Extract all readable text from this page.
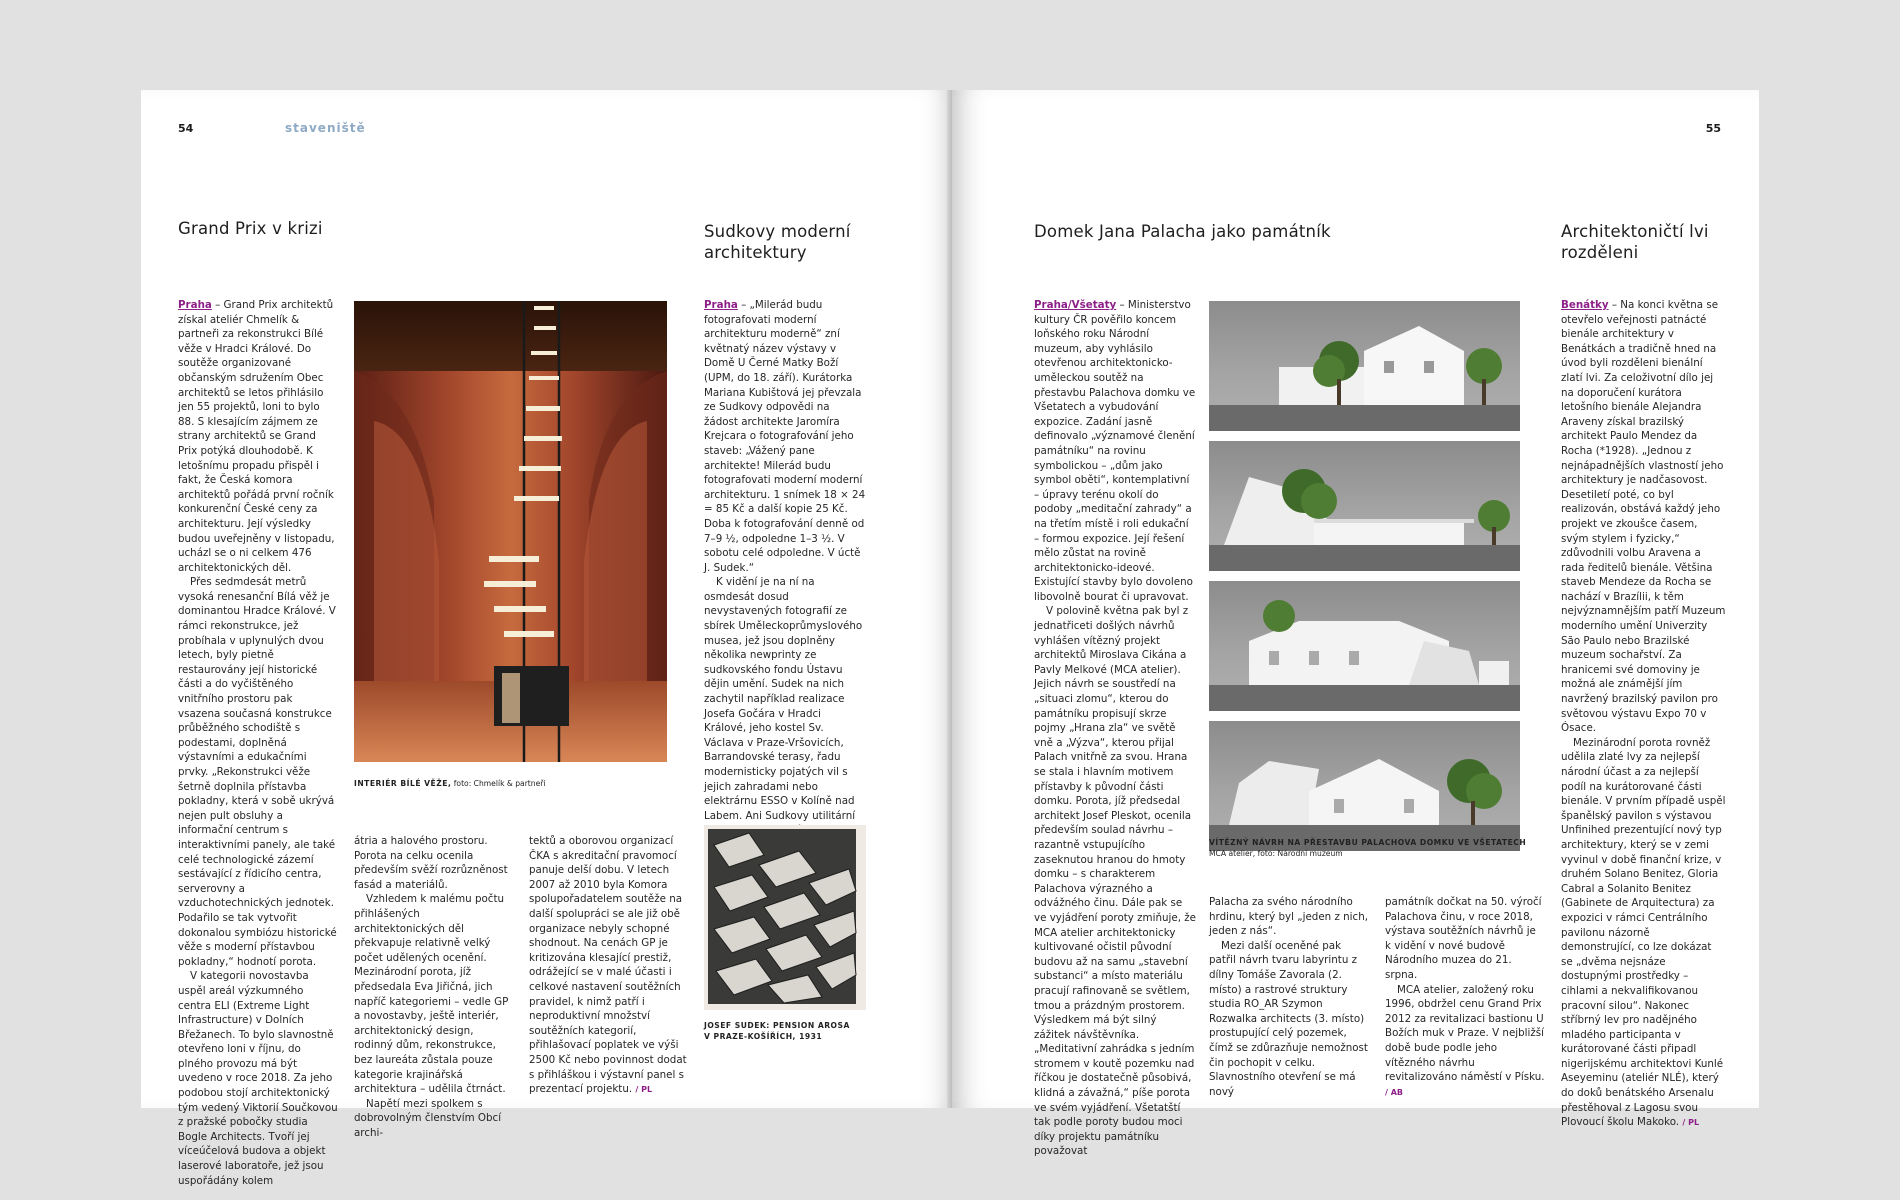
54	staveniště
Grand Prix v krizi

Praha – Grand Prix architektů získal ateliér Chmelík & partneři za rekonstrukci Bílé věže v Hradci Králové. Do soutěže organizované občanským sdružením Obec architektů se letos přihlásilo jen 55 projektů, loni to bylo 88. S klesajícím zájmem ze strany architektů se Grand Prix potýká dlouhodobě. K letošnímu propadu přispěl i fakt, že Česká komora architektů pořádá první ročník konkurenční České ceny za architekturu. Její výsledky budou uveřejněny v listopadu, ucházl se o ni celkem 476 architektonických děl.

Přes sedmdesát metrů vysoká renesanční Bílá věž je dominantou Hradce Králové. V rámci rekonstrukce, jež probíhala v uplynulých dvou letech, byly pietně restaurovány její historické části a do vyčištěného vnitřního prostoru pak vsazena současná konstrukce průběžného schodiště s podestami, doplněná výstavními a edukačními prvky. „Rekonstrukci věže šetrně doplnila přístavba pokladny, která v sobě ukrývá nejen pult obsluhy a informační centrum s interaktivními panely, ale také celé technologické zázemí sestávající z řídicího centra, serverovny a vzduchotechnických jednotek. Podařilo se tak vytvořit dokonalou symbiózu historické věže s moderní přístavbou pokladny,“ hodnotí porota.

V kategorii novostavba uspěl areál výzkumného centra ELI (Extreme Light Infrastructure) v Dolních Břežanech. To bylo slavnostně otevřeno loni v říjnu, do plného provozu má být uvedeno v roce 2018. Za jeho podobou stojí architektonický tým vedený Viktorií Součkovou z pražské pobočky studia Bogle Architects. Tvoří jej víceúčelová budova a objekt laserové laboratoře, jež jsou uspořádány kolem

INTERIÉR BÍLÉ VĚŽE, foto: Chmelík & partneři

átria a halového prostoru. Porota na celku ocenila především svěží rozrůzněnost fasád a materiálů.

Vzhledem k malému počtu přihlášených architektonických děl překvapuje relativně velký počet udělených ocenění. Mezinárodní porota, jíž předsedala Eva Jiřičná, jich napříč kategoriemi – vedle GP a novostavby, ještě interiér, architektonický design, rodinný dům, rekonstrukce, bez laureáta zůstala pouze kategorie krajinářská architektura – udělila čtrnáct.

Napětí mezi spolkem s dobrovolným členstvím Obcí archi-

tektů a oborovou organizací ČKA s akreditační pravomocí panuje delší dobu. V letech 2007 až 2010 byla Komora spolupořadatelem soutěže na další spolupráci se ale již obě organizace nebyly schopné shodnout. Na cenách GP je kritizována klesající prestiž, odrážející se v malé účasti i celkové nastavení soutěžních pravidel, k nimž patří i neproduktivní množství soutěžních kategorií, přihlašovací poplatek ve výši 2500 Kč nebo povinnost dodat s přihláškou i výstavní panel s prezentací projektu. / PL

Sudkovy moderní architektury

Praha – „Milerád budu fotografovati moderní architekturu moderně“ zní květnatý název výstavy v Domě U Černé Matky Boží (UPM, do 18. září). Kurátorka Mariana Kubištová jej převzala ze Sudkovy odpovědi na žádost architekte Jaromíra Krejcara o fotografování jeho staveb: „Vážený pane architekte! Milerád budu fotografovati moderní moderní architekturu. 1 snímek 18 × 24 = 85 Kč a další kopie 25 Kč. Doba k fotografování denně od 7–9 ½, odpoledne 1–3 ½. V sobotu celé odpoledne. V úctě J. Sudek.“

K vidění je na ní na osmdesát dosud nevystavených fotografií ze sbírek Uměleckoprůmyslového musea, jež jsou doplněny několika newprinty ze sudkovského fondu Ústavu dějin umění. Sudek na nich zachytil například realizace Josefa Gočára v Hradci Králové, jeho kostel Sv. Václava v Praze-Vršovicích, Barrandovské terasy, řadu modernisticky pojatých vil s jejich zahradami nebo elektrárnu ESSO v Kolíně nad Labem. Ani Sudkovy utilitární

JOSEF SUDEK: PENSION AROSA
V PRAZE-KOŠÍŘÍCH, 1931
55
Domek Jana Palacha jako památník

Praha/Všetaty – Ministerstvo kultury ČR pověřilo koncem loňského roku Národní muzeum, aby vyhlásilo otevřenou architektonicko-uměleckou soutěž na přestavbu Palachova domku ve Všetatech a vybudování expozice. Zadání jasně definovalo „významové členění památníku“ na rovinu symbolickou – „dům jako symbol oběti“, kontemplativní – úpravy terénu okolí do podoby „meditační zahrady“ a na třetím místě i roli edukační – formou expozice. Její řešení mělo zůstat na rovině architektonicko-ideové. Existující stavby bylo dovoleno libovolně bourat či upravovat.

V polovině května pak byl z jednatřiceti došlých návrhů vyhlášen vítězný projekt architektů Miroslava Cikána a Pavly Melkové (MCA atelier). Jejich návrh se soustředí na „situaci zlomu“, kterou do památníku propisují skrze pojmy „Hrana zla“ ve světě vně a „Výzva“, kterou přijal Palach vnitřně za svou. Hrana se stala i hlavním motivem přístavby k původní části domku. Porota, jíž předsedal architekt Josef Pleskot, ocenila především soulad návrhu – razantně vstupujícího zaseknutou hranou do hmoty domku – s charakterem Palachova výrazného a odvážného činu. Dále pak se ve vyjádření poroty zmiňuje, že MCA atelier architektonicky kultivované očistil původní budovu až na samu „stavební substanci“ a místo materiálu pracují rafinovaně se světlem, tmou a prázdným prostorem. Výsledkem má být silný zážitek návštěvníka. „Meditativní zahrádka s jedním stromem v koutě pozemku nad říčkou je dostatečně působivá, klidná a závažná,“ píše porota ve svém vyjádření. Všetatští tak podle poroty budou moci díky projektu památníku považovat

VÍTĚZNÝ NÁVRH NA PŘESTAVBU PALACHOVA DOMKU VE VŠETATECH
MCA atelier, foto: Národní muzeum

Palacha za svého národního hrdinu, který byl „jeden z nich, jeden z nás“.

Mezi další oceněné pak patřil návrh tvaru labyrintu z dílny Tomáše Zavorala (2. místo) a rastrové struktury studia RO_AR Szymon Rozwalka architects (3. místo) prostupující celý pozemek, čímž se zdůrazňuje nemožnost čin pochopit v celku. Slavnostního otevření se má nový

památník dočkat na 50. výročí Palachova činu, v roce 2018, výstava soutěžních návrhů je k vidění v nové budově Národního muzea do 21. srpna.

MCA atelier, založený roku 1996, obdržel cenu Grand Prix 2012 za revitalizaci bastionu U Božích muk v Praze. V nejbližší době bude podle jeho vítězného návrhu revitalizováno náměstí v Písku. / AB

Architektoničtí lvi rozděleni

Benátky – Na konci května se otevřelo veřejnosti patnácté bienále architektury v Benátkách a tradičně hned na úvod byli rozděleni bienální zlatí lvi. Za celoživotní dílo jej na doporučení kurátora letošního bienále Alejandra Araveny získal brazilský architekt Paulo Mendez da Rocha (*1928). „Jednou z nejnápadnějších vlastností jeho architektury je nadčasovost. Desetiletí poté, co byl realizován, obstává každý jeho projekt ve zkoušce časem, svým stylem i fyzicky,“ zdůvodnili volbu Aravena a rada ředitelů bienále. Většina staveb Mendeze da Rocha se nachází v Brazílii, k těm nejvýznamnějším patří Muzeum moderního umění Univerzity São Paulo nebo Brazilské muzeum sochařství. Za hranicemi své domoviny je možná ale známější jím navržený brazilský pavilon pro světovou výstavu Expo 70 v Ósace.

Mezinárodní porota rovněž udělila zlaté lvy za nejlepší národní účast a za nejlepší podíl na kurátorované části bienále. V prvním případě uspěl španělský pavilon s výstavou Unfinihed prezentující nový typ architektury, který se v zemi vyvinul v době finanční krize, v druhém Solano Benitez, Gloria Cabral a Solanito Benitez (Gabinete de Arquitectura) za expozici v rámci Centrálního pavilonu názorně demonstrující, co lze dokázat se „dvěma nejsnáze dostupnými prostředky – cihlami a nekvalifikovanou pracovní silou“. Nakonec stříbrný lev pro nadějného mladého participanta v kurátorované části připadl nigerijskému architektovi Kunlé Aseyeminu (ateliér NLÉ), který do doků benátského Arsenalu přestěhoval z Lagosu svou Plovoucí školu Makoko. / PL
